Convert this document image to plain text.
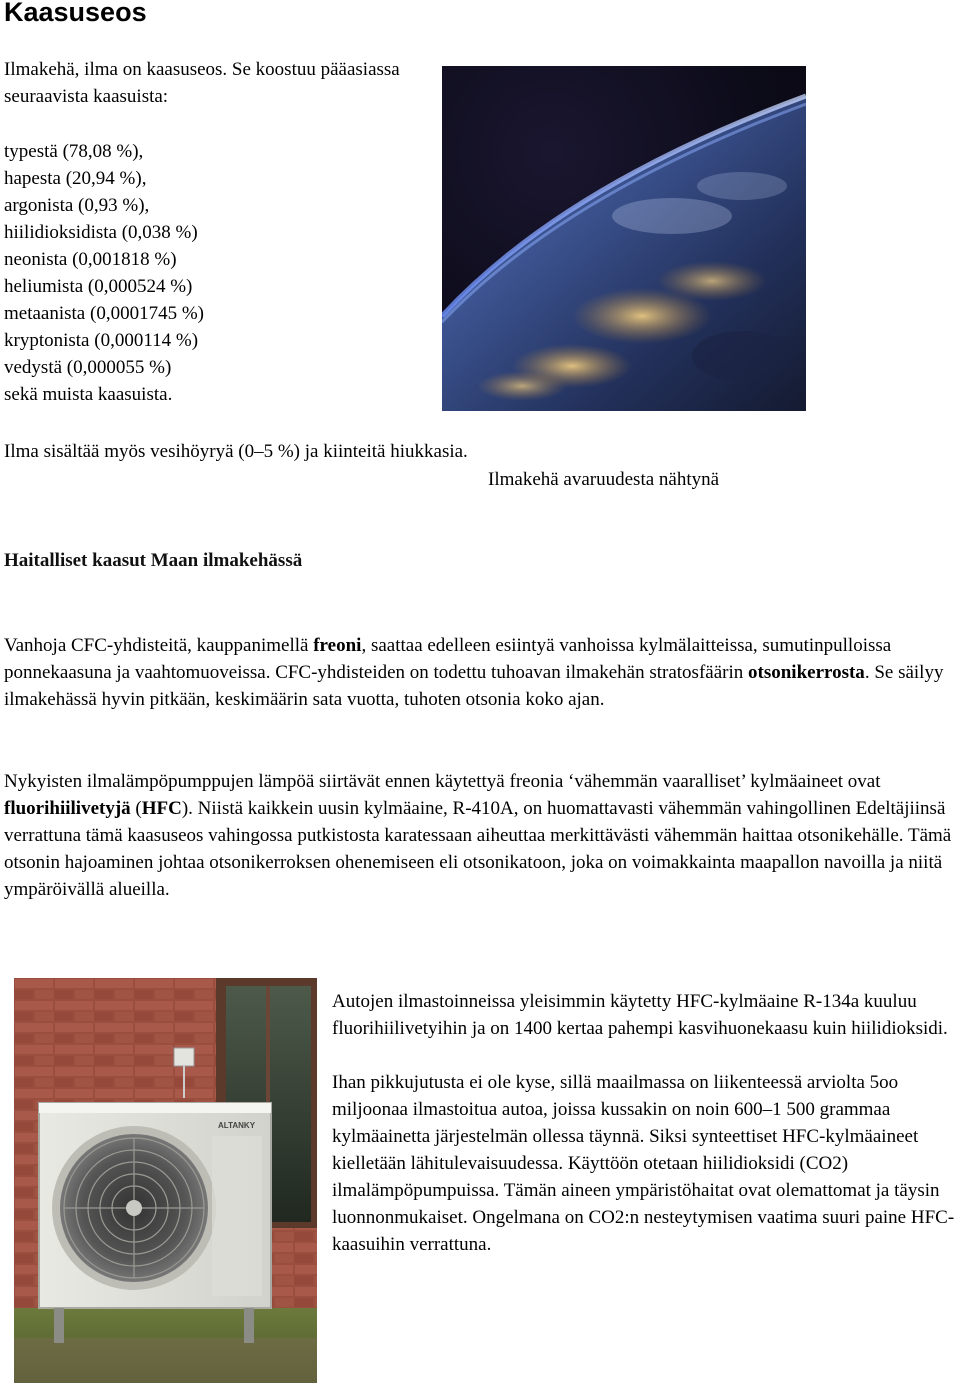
Kaasuseos
Ilmakehä, ilma on kaasuseos. Se koostuu pääasiassa seuraavista kaasuista:
typestä (78,08 %),
hapesta (20,94 %),
argonista (0,93 %),
hiilidioksidista (0,038 %)
neonista (0,001818 %)
heliumista (0,000524 %)
metaanista (0,0001745 %)
kryptonista (0,000114 %)
vedystä (0,000055 %)
sekä muista kaasuista.
Ilma sisältää myös vesihöyryä (0–5 %) ja kiinteitä hiukkasia.
Ilmakehä avaruudesta nähtynä
Haitalliset kaasut Maan ilmakehässä
Vanhoja CFC-yhdisteitä, kauppanimellä freoni, saattaa edelleen esiintyä vanhoissa kylmälaitteissa, sumutinpulloissa ponnekaasuna ja vaahtomuoveissa. CFC-yhdisteiden on todettu tuhoavan ilmakehän stratosfäärin otsonikerrosta. Se säilyy ilmakehässä hyvin pitkään, keskimäärin sata vuotta, tuhoten otsonia koko ajan.
Nykyisten ilmalämpöpumppujen lämpöä siirtävät ennen käytettyä freonia ‘vähemmän vaaralliset’ kylmäaineet ovat fluorihiilivetyjä (HFC). Niistä kaikkein uusin kylmäaine, R-410A, on huomattavasti vähemmän vahingollinen Edeltäjiinsä verrattuna tämä kaasuseos vahingossa putkistosta karatessaan aiheuttaa merkittävästi vähemmän haittaa otsonikehälle. Tämä otsonin hajoaminen johtaa otsonikerroksen ohenemiseen eli otsonikatoon, joka on voimakkainta maapallon navoilla ja niitä ympäröivällä alueilla.
ALTANKY

Autojen ilmastoinneissa yleisimmin käytetty HFC-kylmäaine R-134a kuuluu fluorihiilivetyihin ja on 1400 kertaa pahempi kasvihuonekaasu kuin hiilidioksidi.

Ihan pikkujutusta ei ole kyse, sillä maailmassa on liikenteessä arviolta 5oo miljoonaa ilmastoitua autoa, joissa kussakin on noin 600–1 500 grammaa kylmäainetta järjestelmän ollessa täynnä. Siksi synteettiset HFC-kylmäaineet kielletään lähitulevaisuudessa. Käyttöön otetaan hiilidioksidi (CO2) ilmalämpöpumpuissa. Tämän aineen ympäristöhaitat ovat olemattomat ja täysin luonnonmukaiset. Ongelmana on CO2:n nesteytymisen vaatima suuri paine HFC-kaasuihin verrattuna.
